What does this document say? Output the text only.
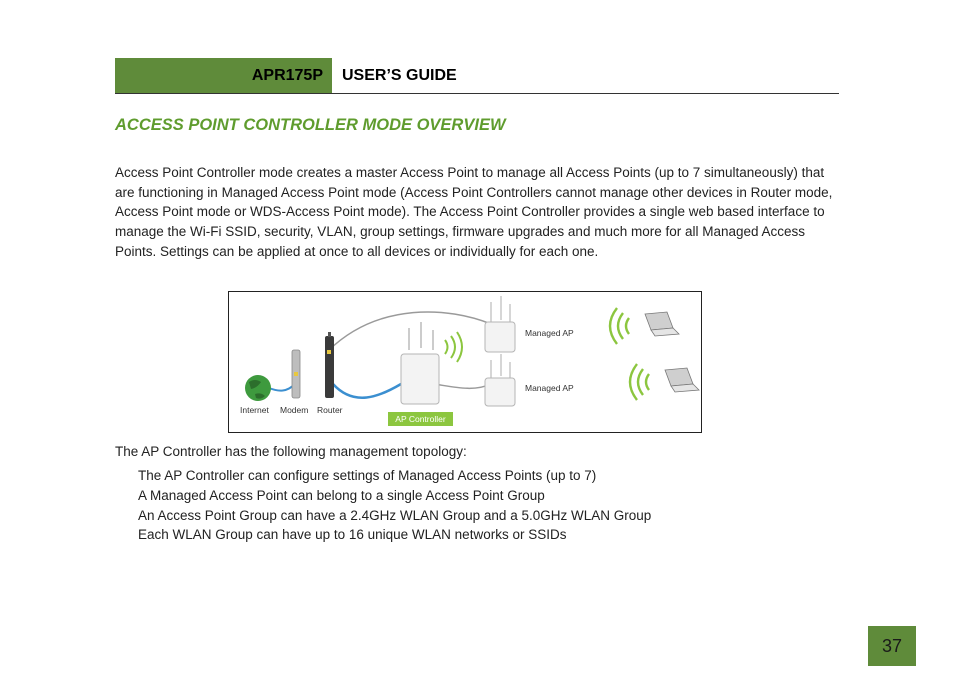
APR175P USER’S GUIDE
ACCESS POINT CONTROLLER MODE OVERVIEW

Access Point Controller mode creates a master Access Point to manage all Access Points (up to 7 simultaneously) that are functioning in Managed Access Point mode (Access Point Controllers cannot manage other devices in Router mode, Access Point mode or WDS-Access Point mode). The Access Point Controller provides a single web based interface to manage the Wi-Fi SSID, security, VLAN, group settings, firmware upgrades and much more for all Managed Access Points. Settings can be applied at once to all devices or individually for each one.

Internet Modem Router
AP Controller
Managed AP
Managed AP
The AP Controller has the following management topology:
The AP Controller can configure settings of Managed Access Points (up to 7)
A Managed Access Point can belong to a single Access Point Group
An Access Point Group can have a 2.4GHz WLAN Group and a 5.0GHz WLAN Group
Each WLAN Group can have up to 16 unique WLAN networks or SSIDs
37
